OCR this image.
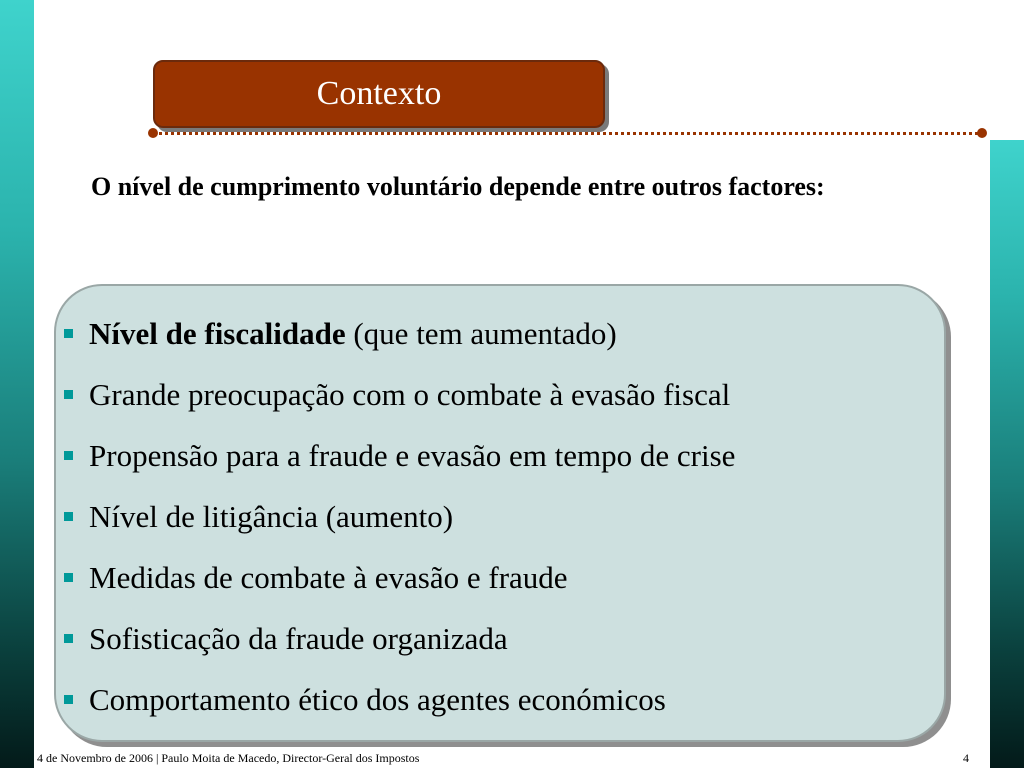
Contexto
O nível de cumprimento voluntário depende entre outros factores:
Nível de fiscalidade (que tem aumentado)
Grande preocupação com o combate à evasão fiscal
Propensão para a fraude e evasão em tempo de crise
Nível de litigância (aumento)
Medidas de combate à evasão e fraude
Sofisticação da fraude organizada
Comportamento ético dos agentes económicos
4 de Novembro de 2006 | Paulo Moita de Macedo, Director-Geral dos Impostos	4
